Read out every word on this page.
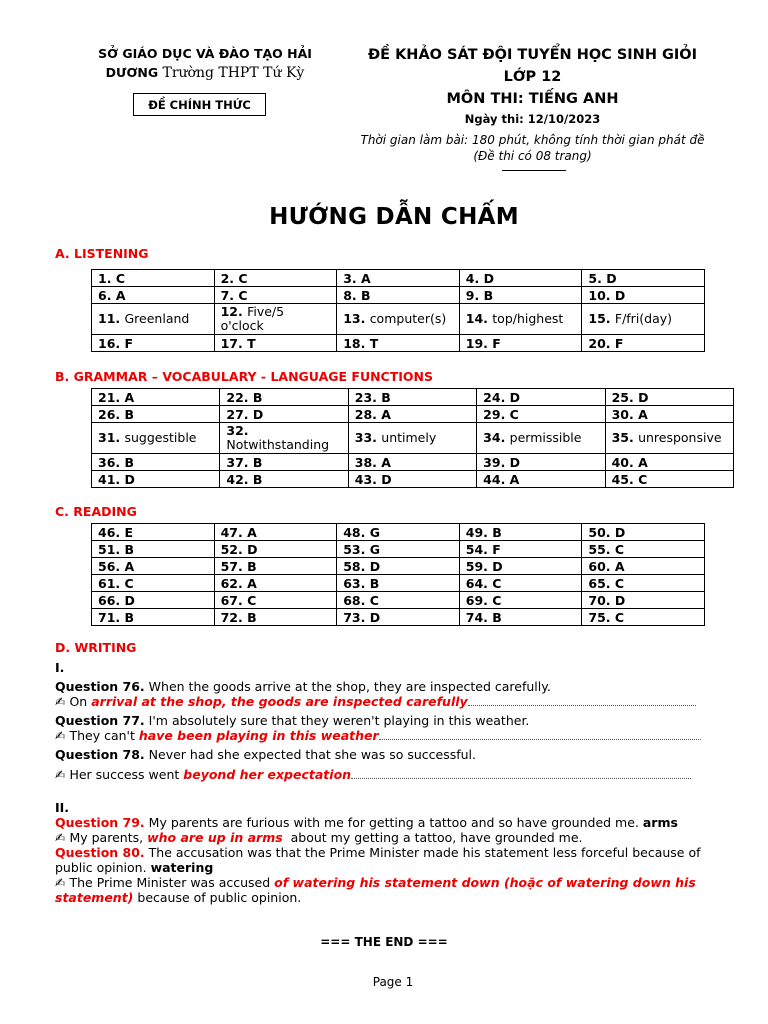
SỞ GIÁO DỤC VÀ ĐÀO TẠO HẢI
DƯƠNG Trường THPT Tứ Kỳ
ĐỀ CHÍNH THỨC
ĐỀ KHẢO SÁT ĐỘI TUYỂN HỌC SINH GIỎI
LỚP 12
MÔN THI: TIẾNG ANH
Ngày thi: 12/10/2023
Thời gian làm bài: 180 phút, không tính thời gian phát đề
(Đề thi có 08 trang)
HƯỚNG DẪN CHẤM
A. LISTENING
1. C	2. C	3. A	4. D	5. D
6. A	7. C	8. B	9. B	10. D
11. Greenland	12. Five/5 o'clock	13. computer(s)	14. top/highest	15. F/fri(day)
16. F	17. T	18. T	19. F	20. F
B. GRAMMAR – VOCABULARY - LANGUAGE FUNCTIONS
21. A	22. B	23. B	24. D	25. D
26. B	27. D	28. A	29. C	30. A
31. suggestible	32. Notwithstanding	33. untimely	34. permissible	35. unresponsive
36. B	37. B	38. A	39. D	40. A
41. D	42. B	43. D	44. A	45. C
C. READING
46. E	47. A	48. G	49. B	50. D
51. B	52. D	53. G	54. F	55. C
56. A	57. B	58. D	59. D	60. A
61. C	62. A	63. B	64. C	65. C
66. D	67. C	68. C	69. C	70. D
71. B	72. B	73. D	74. B	75. C
D. WRITING
I.
Question 76. When the goods arrive at the shop, they are inspected carefully.
✍ On arrival at the shop, the goods are inspected carefully
Question 77. I'm absolutely sure that they weren't playing in this weather.
✍ They can't have been playing in this weather
Question 78. Never had she expected that she was so successful.
✍ Her success went beyond her expectation
II.
Question 79. My parents are furious with me for getting a tattoo and so have grounded me. arms
✍ My parents, who are up in arms about my getting a tattoo, have grounded me.
Question 80. The accusation was that the Prime Minister made his statement less forceful because of public opinion. watering
✍ The Prime Minister was accused of watering his statement down (hoặc of watering down his statement) because of public opinion.
=== THE END ===
Page 1
